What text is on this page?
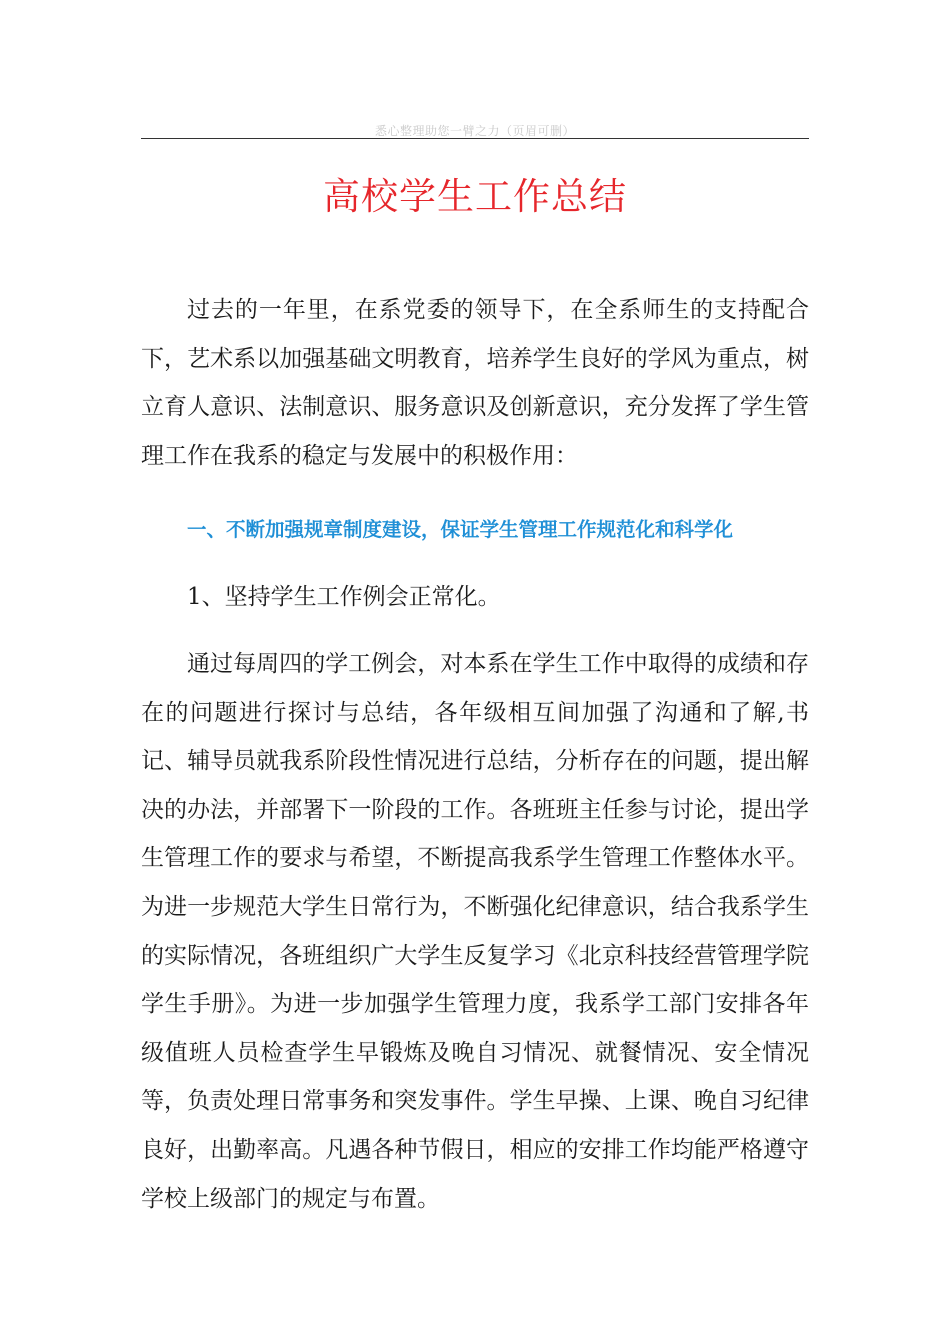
悉心整理助您一臂之力（页眉可删）
高校学生工作总结

过去的一年里，在系党委的领导下，在全系师生的支持配合下，艺术系以加强基础文明教育，培养学生良好的学风为重点，树立育人意识、法制意识、服务意识及创新意识，充分发挥了学生管理工作在我系的稳定与发展中的积极作用：

一、不断加强规章制度建设，保证学生管理工作规范化和科学化

1、坚持学生工作例会正常化。

通过每周四的学工例会，对本系在学生工作中取得的成绩和存在的问题进行探讨与总结，各年级相互间加强了沟通和了解,书记、辅导员就我系阶段性情况进行总结，分析存在的问题，提出解决的办法，并部署下一阶段的工作。各班班主任参与讨论，提出学生管理工作的要求与希望，不断提高我系学生管理工作整体水平。为进一步规范大学生日常行为，不断强化纪律意识，结合我系学生的实际情况，各班组织广大学生反复学习《北京科技经营管理学院学生手册》。为进一步加强学生管理力度，我系学工部门安排各年级值班人员检查学生早锻炼及晚自习情况、就餐情况、安全情况等，负责处理日常事务和突发事件。学生早操、上课、晚自习纪律良好，出勤率高。凡遇各种节假日，相应的安排工作均能严格遵守学校上级部门的规定与布置。
